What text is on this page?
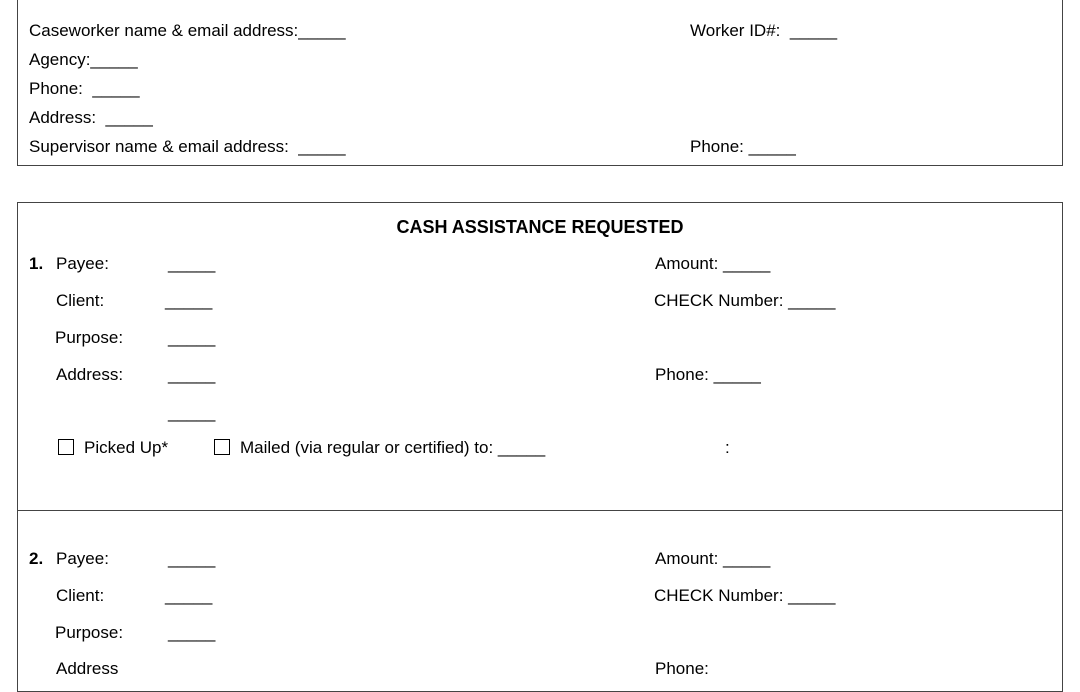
Caseworker name & email address:_____	Worker ID#:  _____
Agency:_____
Phone:  _____
Address:  _____
Supervisor name & email address:  _____	Phone: _____
CASH ASSISTANCE REQUESTED
1. Payee:	_____	Amount: _____
Client:	_____	CHECK Number: _____
Purpose:	_____
Address:	_____	Phone: _____
_____
Picked Up*	Mailed (via regular or certified) to: _____	:
2. Payee:	_____	Amount: _____
Client:	_____	CHECK Number: _____
Purpose:	_____
Address	Phone:
